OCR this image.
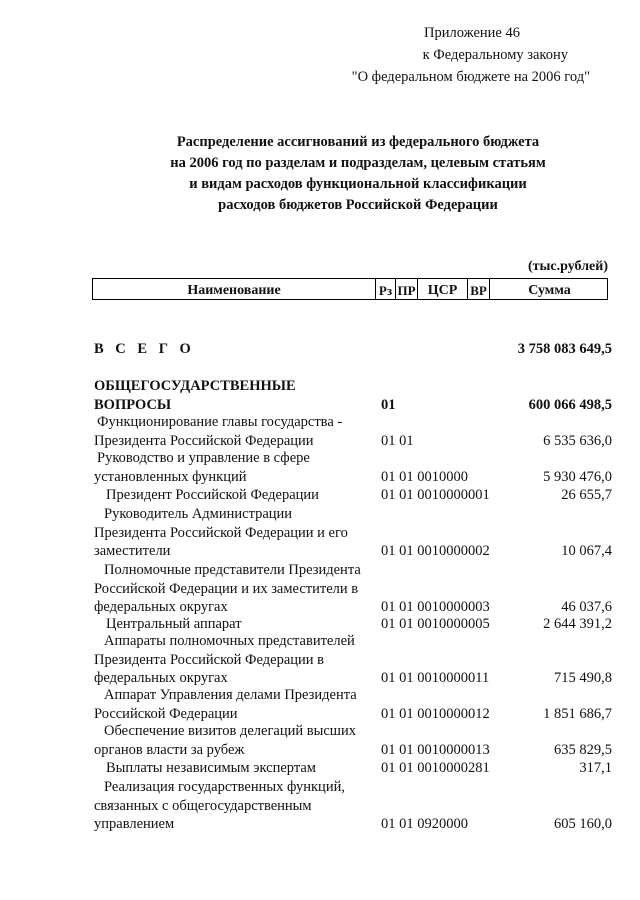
Приложение 46
к Федеральному закону
"О федеральном бюджете на 2006 год"
Распределение ассигнований из федерального бюджета
на 2006 год по разделам и подразделам, целевым статьям
и видам расходов функциональной классификации
расходов бюджетов Российской Федерации
(тыс.рублей)
Наименование	Рз ПР ЦСР ВР	Сумма
В С Е Г О	3 758 083 649,5
ОБЩЕГОСУДАРСТВЕННЫЕ
ВОПРОСЫ	01	600 066 498,5
Функционирование главы государства -
Президента Российской Федерации	01 01	6 535 636,0
Руководство и управление в сфере
установленных функций	01 01 0010000	5 930 476,0
Президент Российской Федерации	01 01 0010000001	26 655,7
Руководитель Администрации
Президента Российской Федерации и его
заместители	01 01 0010000002	10 067,4
Полномочные представители Президента
Российской Федерации и их заместители в
федеральных округах	01 01 0010000003	46 037,6
Центральный аппарат	01 01 0010000005	2 644 391,2
Аппараты полномочных представителей
Президента Российской Федерации в
федеральных округах	01 01 0010000011	715 490,8
Аппарат Управления делами Президента
Российской Федерации	01 01 0010000012	1 851 686,7
Обеспечение визитов делегаций высших
органов власти за рубеж	01 01 0010000013	635 829,5
Выплаты независимым экспертам	01 01 0010000281	317,1
Реализация государственных функций,
связанных с общегосударственным
управлением	01 01 0920000	605 160,0
